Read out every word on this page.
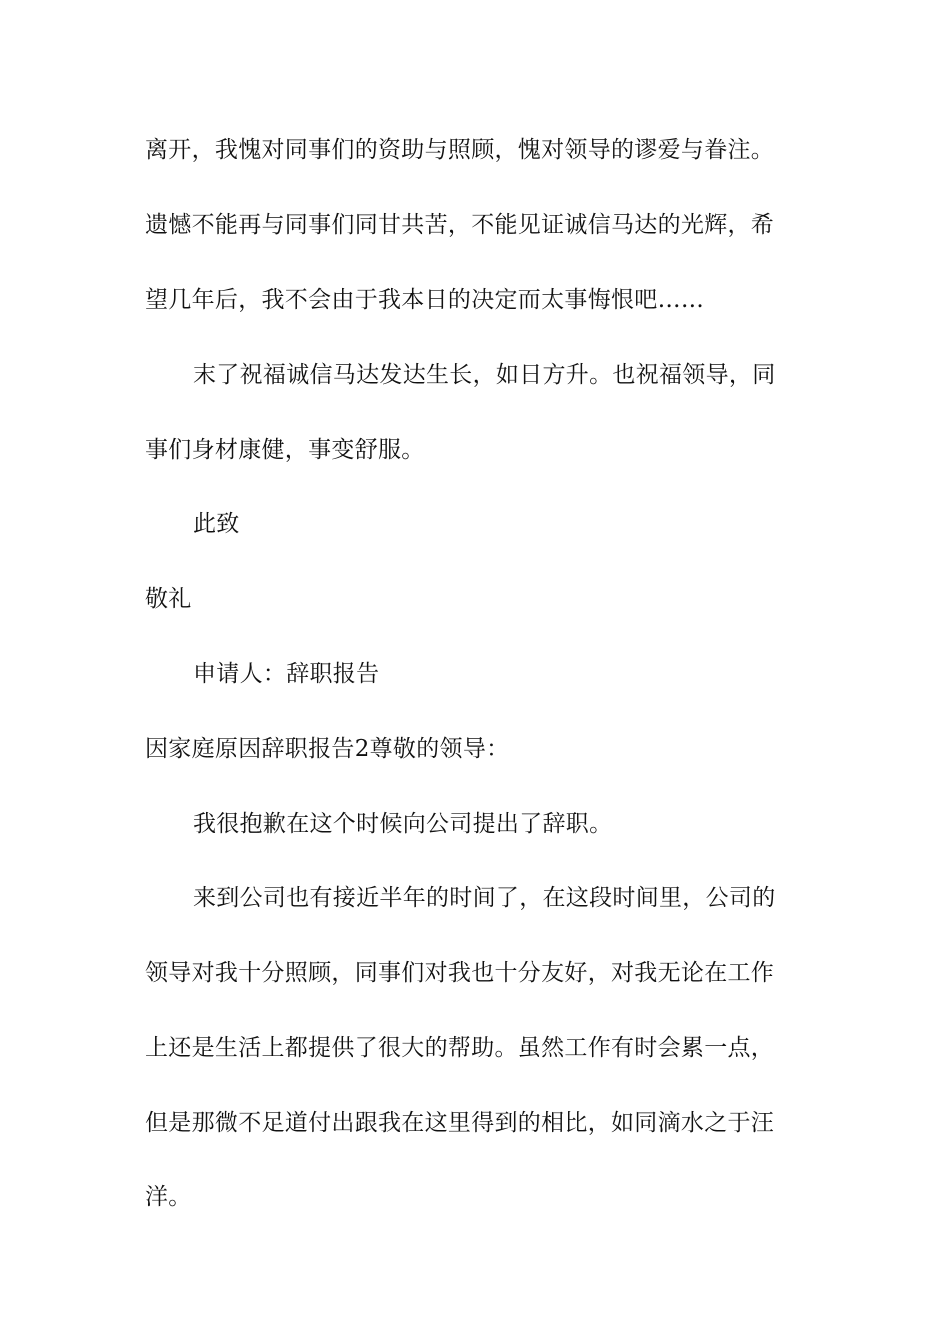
离开，我愧对同事们的资助与照顾，愧对领导的谬爱与眷注。
遗憾不能再与同事们同甘共苦，不能见证诚信马达的光辉，希
望几年后，我不会由于我本日的决定而太事悔恨吧……
末了祝福诚信马达发达生长，如日方升。也祝福领导，同
事们身材康健，事变舒服。
此致
敬礼
申请人：辞职报告
因家庭原因辞职报告2尊敬的领导：
我很抱歉在这个时候向公司提出了辞职。
来到公司也有接近半年的时间了，在这段时间里，公司的
领导对我十分照顾，同事们对我也十分友好，对我无论在工作
上还是生活上都提供了很大的帮助。虽然工作有时会累一点，
但是那微不足道付出跟我在这里得到的相比，如同滴水之于汪
洋。
